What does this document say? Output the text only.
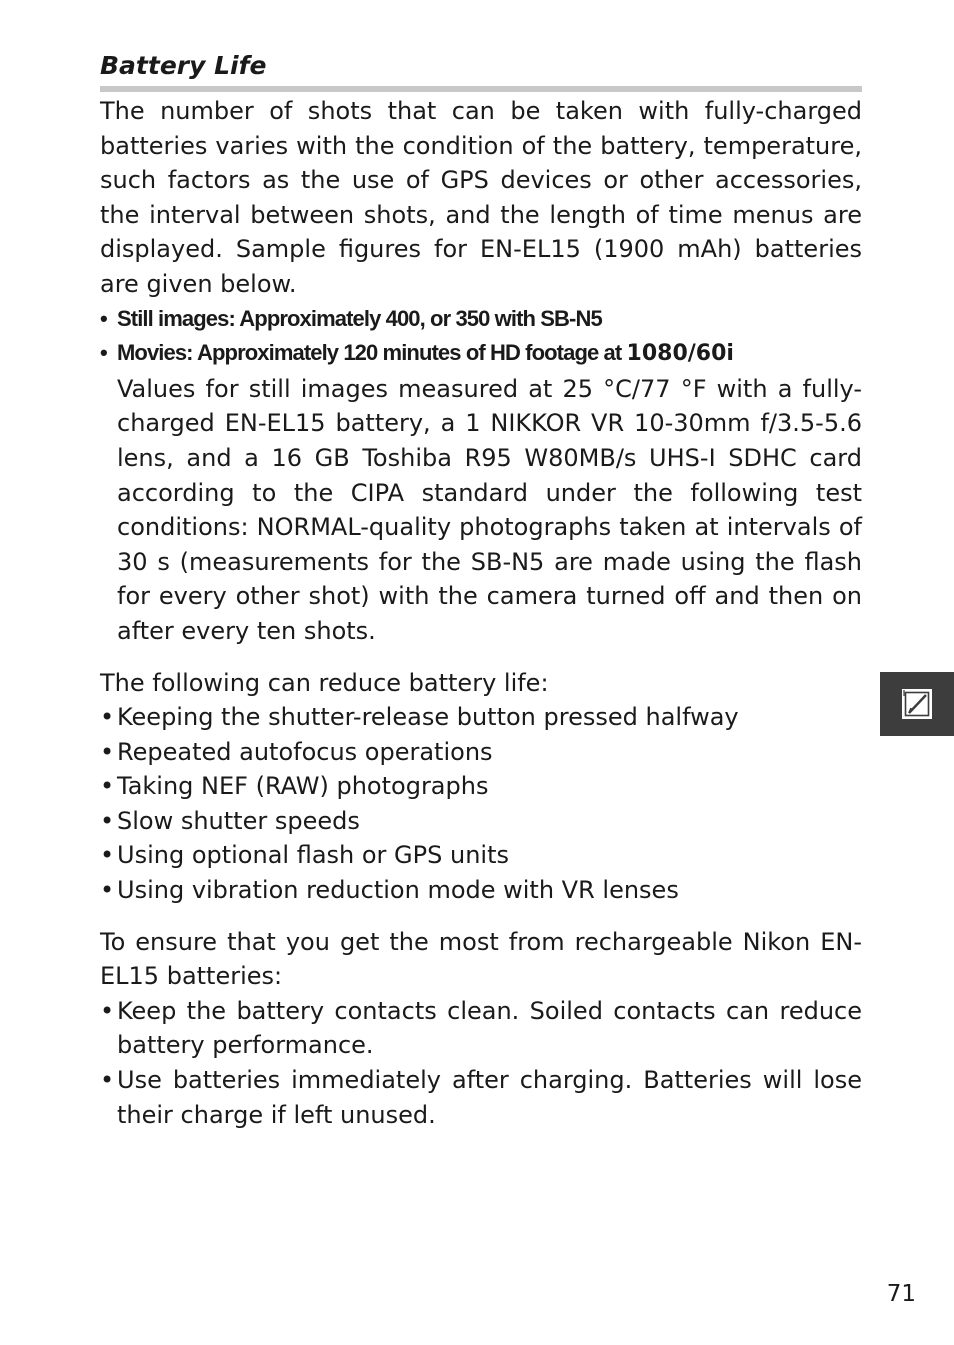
Battery Life

The number of shots that can be taken with fully-charged batteries varies with the condition of the battery, temperature, such factors as the use of GPS devices or other accessories, the interval between shots, and the length of time menus are displayed. Sample figures for EN-EL15 (1900 mAh) batteries are given below.

• Still images: Approximately 400, or 350 with SB-N5
• Movies: Approximately 120 minutes of HD footage at 1080/60i

Values for still images measured at 25 °C/77 °F with a fully-charged EN-EL15 battery, a 1 NIKKOR VR 10-30mm f/3.5-5.6 lens, and a 16 GB Toshiba R95 W80MB/s UHS-I SDHC card according to the CIPA standard under the following test conditions: NORMAL-quality photographs taken at intervals of 30 s (measurements for the SB-N5 are made using the flash for every other shot) with the camera turned off and then on after every ten shots.

The following can reduce battery life:

• Keeping the shutter-release button pressed halfway
• Repeated autofocus operations
• Taking NEF (RAW) photographs
• Slow shutter speeds
• Using optional flash or GPS units
• Using vibration reduction mode with VR lenses

To ensure that you get the most from rechargeable Nikon EN-EL15 batteries:

• Keep the battery contacts clean. Soiled contacts can reduce battery performance.
• Use batteries immediately after charging. Batteries will lose their charge if left unused.
71
